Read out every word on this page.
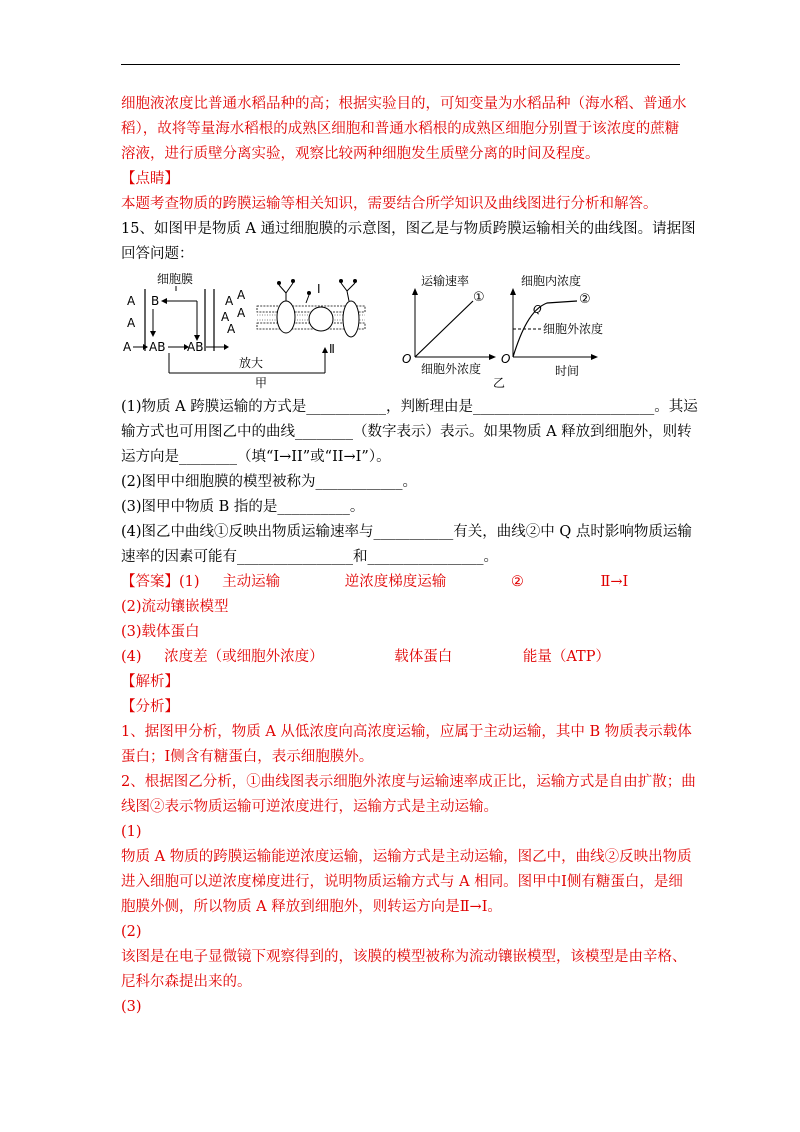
细胞液浓度比普通水稻品种的高；根据实验目的，可知变量为水稻品种（海水稻、普通水
稻），故将等量海水稻根的成熟区细胞和普通水稻根的成熟区细胞分别置于该浓度的蔗糖
溶液，进行质壁分离实验，观察比较两种细胞发生质壁分离的时间及程度。
【点睛】
本题考查物质的跨膜运输等相关知识，需要结合所学知识及曲线图进行分析和解答。
15、如图甲是物质 A 通过细胞膜的示意图，图乙是与物质跨膜运输相关的曲线图。请据图
回答问题：
细胞膜
A
A
A
B
AB AB
A A
A A
A
放大
甲
I
Ⅱ
运输速率
①
O
细胞外浓度
细胞内浓度
②
Q
细胞外浓度
O
时间
乙
(1)物质 A 跨膜运输的方式是___________，判断理由是_________________________。其运
输方式也可用图乙中的曲线________（数字表示）表示。如果物质 A 释放到细胞外，则转
运方向是________（填“I→II”或“II→I”）。
(2)图甲中细胞膜的模型被称为____________。
(3)图甲中物质 B 指的是__________。
(4)图乙中曲线①反映出物质运输速率与___________有关，曲线②中 Q 点时影响物质运输
速率的因素可能有________________和________________。
【答案】(1) 主动运输	逆浓度梯度运输	②	Ⅱ→Ⅰ
(2)流动镶嵌模型
(3)载体蛋白
(4) 浓度差（或细胞外浓度）	载体蛋白	能量（ATP）
【解析】
【分析】
1、据图甲分析，物质 A 从低浓度向高浓度运输，应属于主动运输，其中 B 物质表示载体
蛋白；Ⅰ侧含有糖蛋白，表示细胞膜外。
2、根据图乙分析，①曲线图表示细胞外浓度与运输速率成正比，运输方式是自由扩散；曲
线图②表示物质运输可逆浓度进行，运输方式是主动运输。
(1)
物质 A 物质的跨膜运输能逆浓度运输，运输方式是主动运输，图乙中，曲线②反映出物质
进入细胞可以逆浓度梯度进行，说明物质运输方式与 A 相同。图甲中Ⅰ侧有糖蛋白，是细
胞膜外侧，所以物质 A 释放到细胞外，则转运方向是Ⅱ→Ⅰ。
(2)
该图是在电子显微镜下观察得到的，该膜的模型被称为流动镶嵌模型，该模型是由辛格、
尼科尔森提出来的。
(3)
